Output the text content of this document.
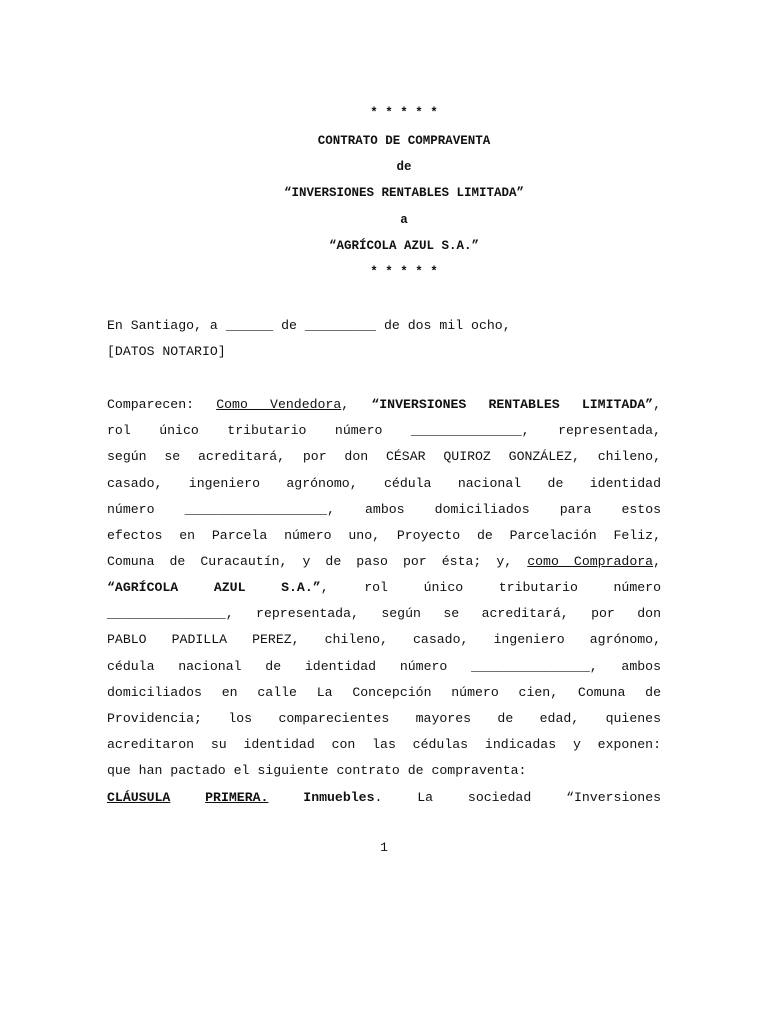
* * * * *
CONTRATO DE COMPRAVENTA
de
“INVERSIONES RENTABLES LIMITADA”
a
“AGRÍCOLA AZUL S.A.”
* * * * *
En Santiago, a ______ de _________ de dos mil ocho,
[DATOS NOTARIO]
Comparecen: Como Vendedora, “INVERSIONES RENTABLES LIMITADA”,
rol único tributario número ______________, representada,
según se acreditará, por don CÉSAR QUIROZ GONZÁLEZ, chileno,
casado, ingeniero agrónomo, cédula nacional de identidad
número __________________, ambos domiciliados para estos
efectos en Parcela número uno, Proyecto de Parcelación Feliz,
Comuna de Curacautín, y de paso por ésta; y, como Compradora,
“AGRÍCOLA	AZUL	S.A.”, rol	único	tributario	número
_______________, representada, según se acreditará, por don
PABLO PADILLA PEREZ, chileno, casado, ingeniero agrónomo,
cédula nacional de identidad número _______________, ambos
domiciliados en calle La Concepción número cien, Comuna de
Providencia; los comparecientes mayores de edad, quienes
acreditaron su identidad con las cédulas indicadas y exponen:
que han pactado el siguiente contrato de compraventa:
CLÁUSULA	PRIMERA.	Inmuebles.	La	sociedad	“Inversiones
1
